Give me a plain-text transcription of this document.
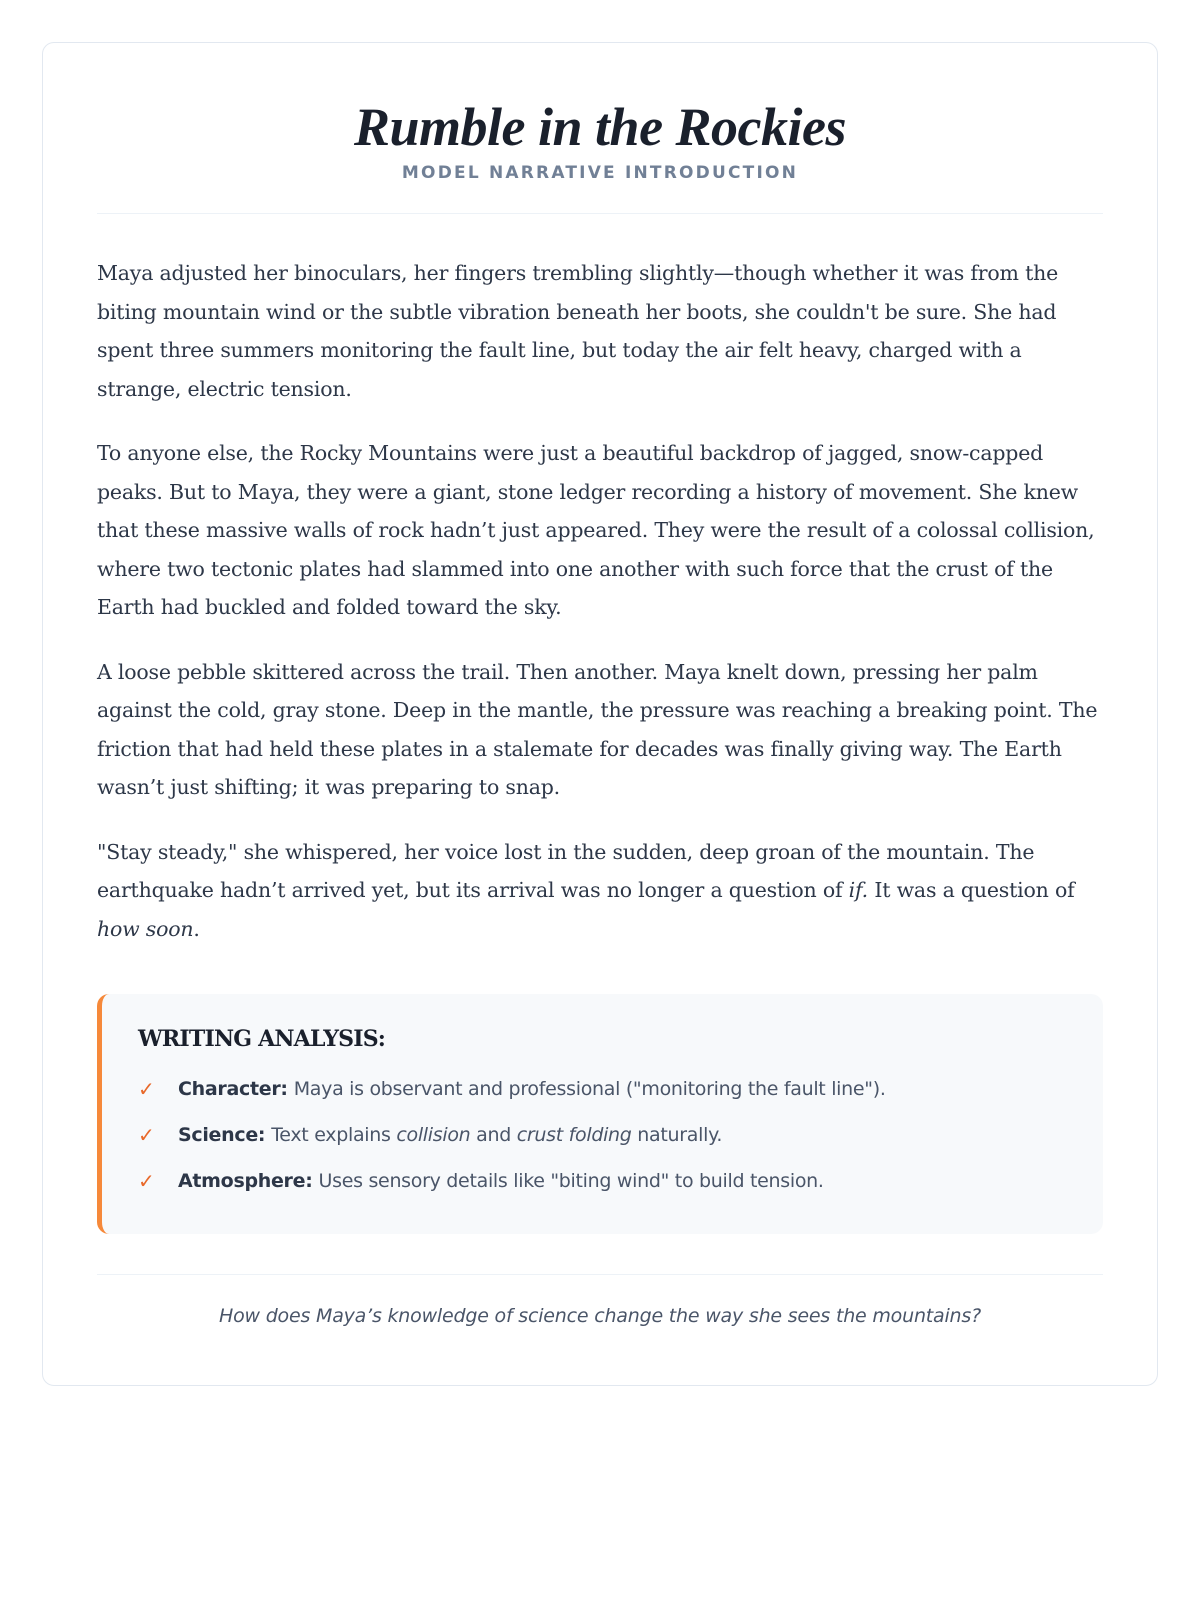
Rumble in the Rockies
MODEL NARRATIVE INTRODUCTION

Maya adjusted her binoculars, her fingers trembling slightly—though whether it was from the biting mountain wind or the subtle vibration beneath her boots, she couldn't be sure. She had spent three summers monitoring the fault line, but today the air felt heavy, charged with a strange, electric tension.

To anyone else, the Rocky Mountains were just a beautiful backdrop of jagged, snow-capped peaks. But to Maya, they were a giant, stone ledger recording a history of movement. She knew that these massive walls of rock hadn’t just appeared. They were the result of a colossal collision, where two tectonic plates had slammed into one another with such force that the crust of the Earth had buckled and folded toward the sky.

A loose pebble skittered across the trail. Then another. Maya knelt down, pressing her palm against the cold, gray stone. Deep in the mantle, the pressure was reaching a breaking point. The friction that had held these plates in a stalemate for decades was finally giving way. The Earth wasn’t just shifting; it was preparing to snap.

"Stay steady," she whispered, her voice lost in the sudden, deep groan of the mountain. The earthquake hadn’t arrived yet, but its arrival was no longer a question of if. It was a question of how soon.

WRITING ANALYSIS:
✓	Character: Maya is observant and professional ("monitoring the fault line").
✓	Science: Text explains collision and crust folding naturally.
✓	Atmosphere: Uses sensory details like "biting wind" to build tension.
How does Maya’s knowledge of science change the way she sees the mountains?
